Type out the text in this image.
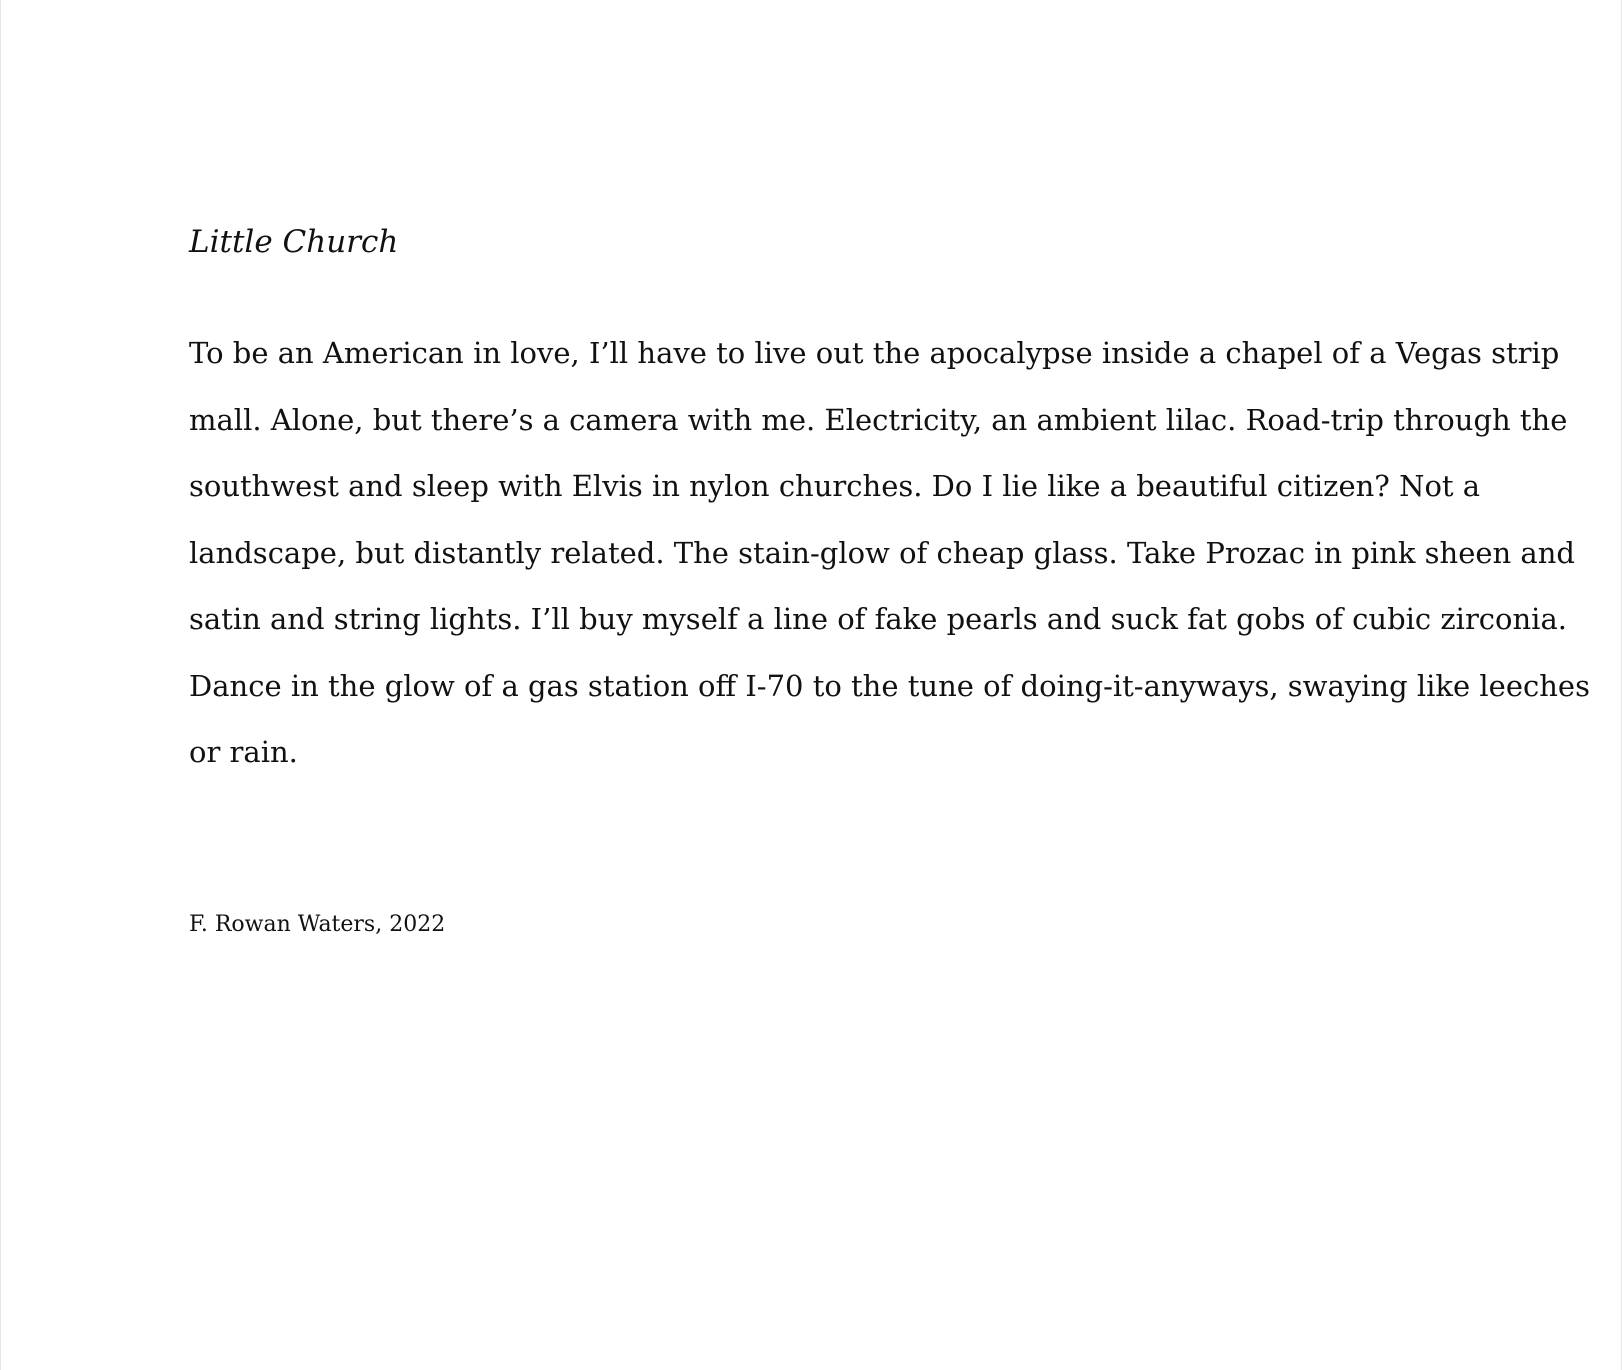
Little Church
To be an American in love, I’ll have to live out the apocalypse inside a chapel of a Vegas strip
mall. Alone, but there’s a camera with me. Electricity, an ambient lilac. Road-trip through the
southwest and sleep with Elvis in nylon churches. Do I lie like a beautiful citizen? Not a
landscape, but distantly related. The stain-glow of cheap glass. Take Prozac in pink sheen and
satin and string lights. I’ll buy myself a line of fake pearls and suck fat gobs of cubic zirconia.
Dance in the glow of a gas station off I-70 to the tune of doing-it-anyways, swaying like leeches
or rain.

F. Rowan Waters, 2022
